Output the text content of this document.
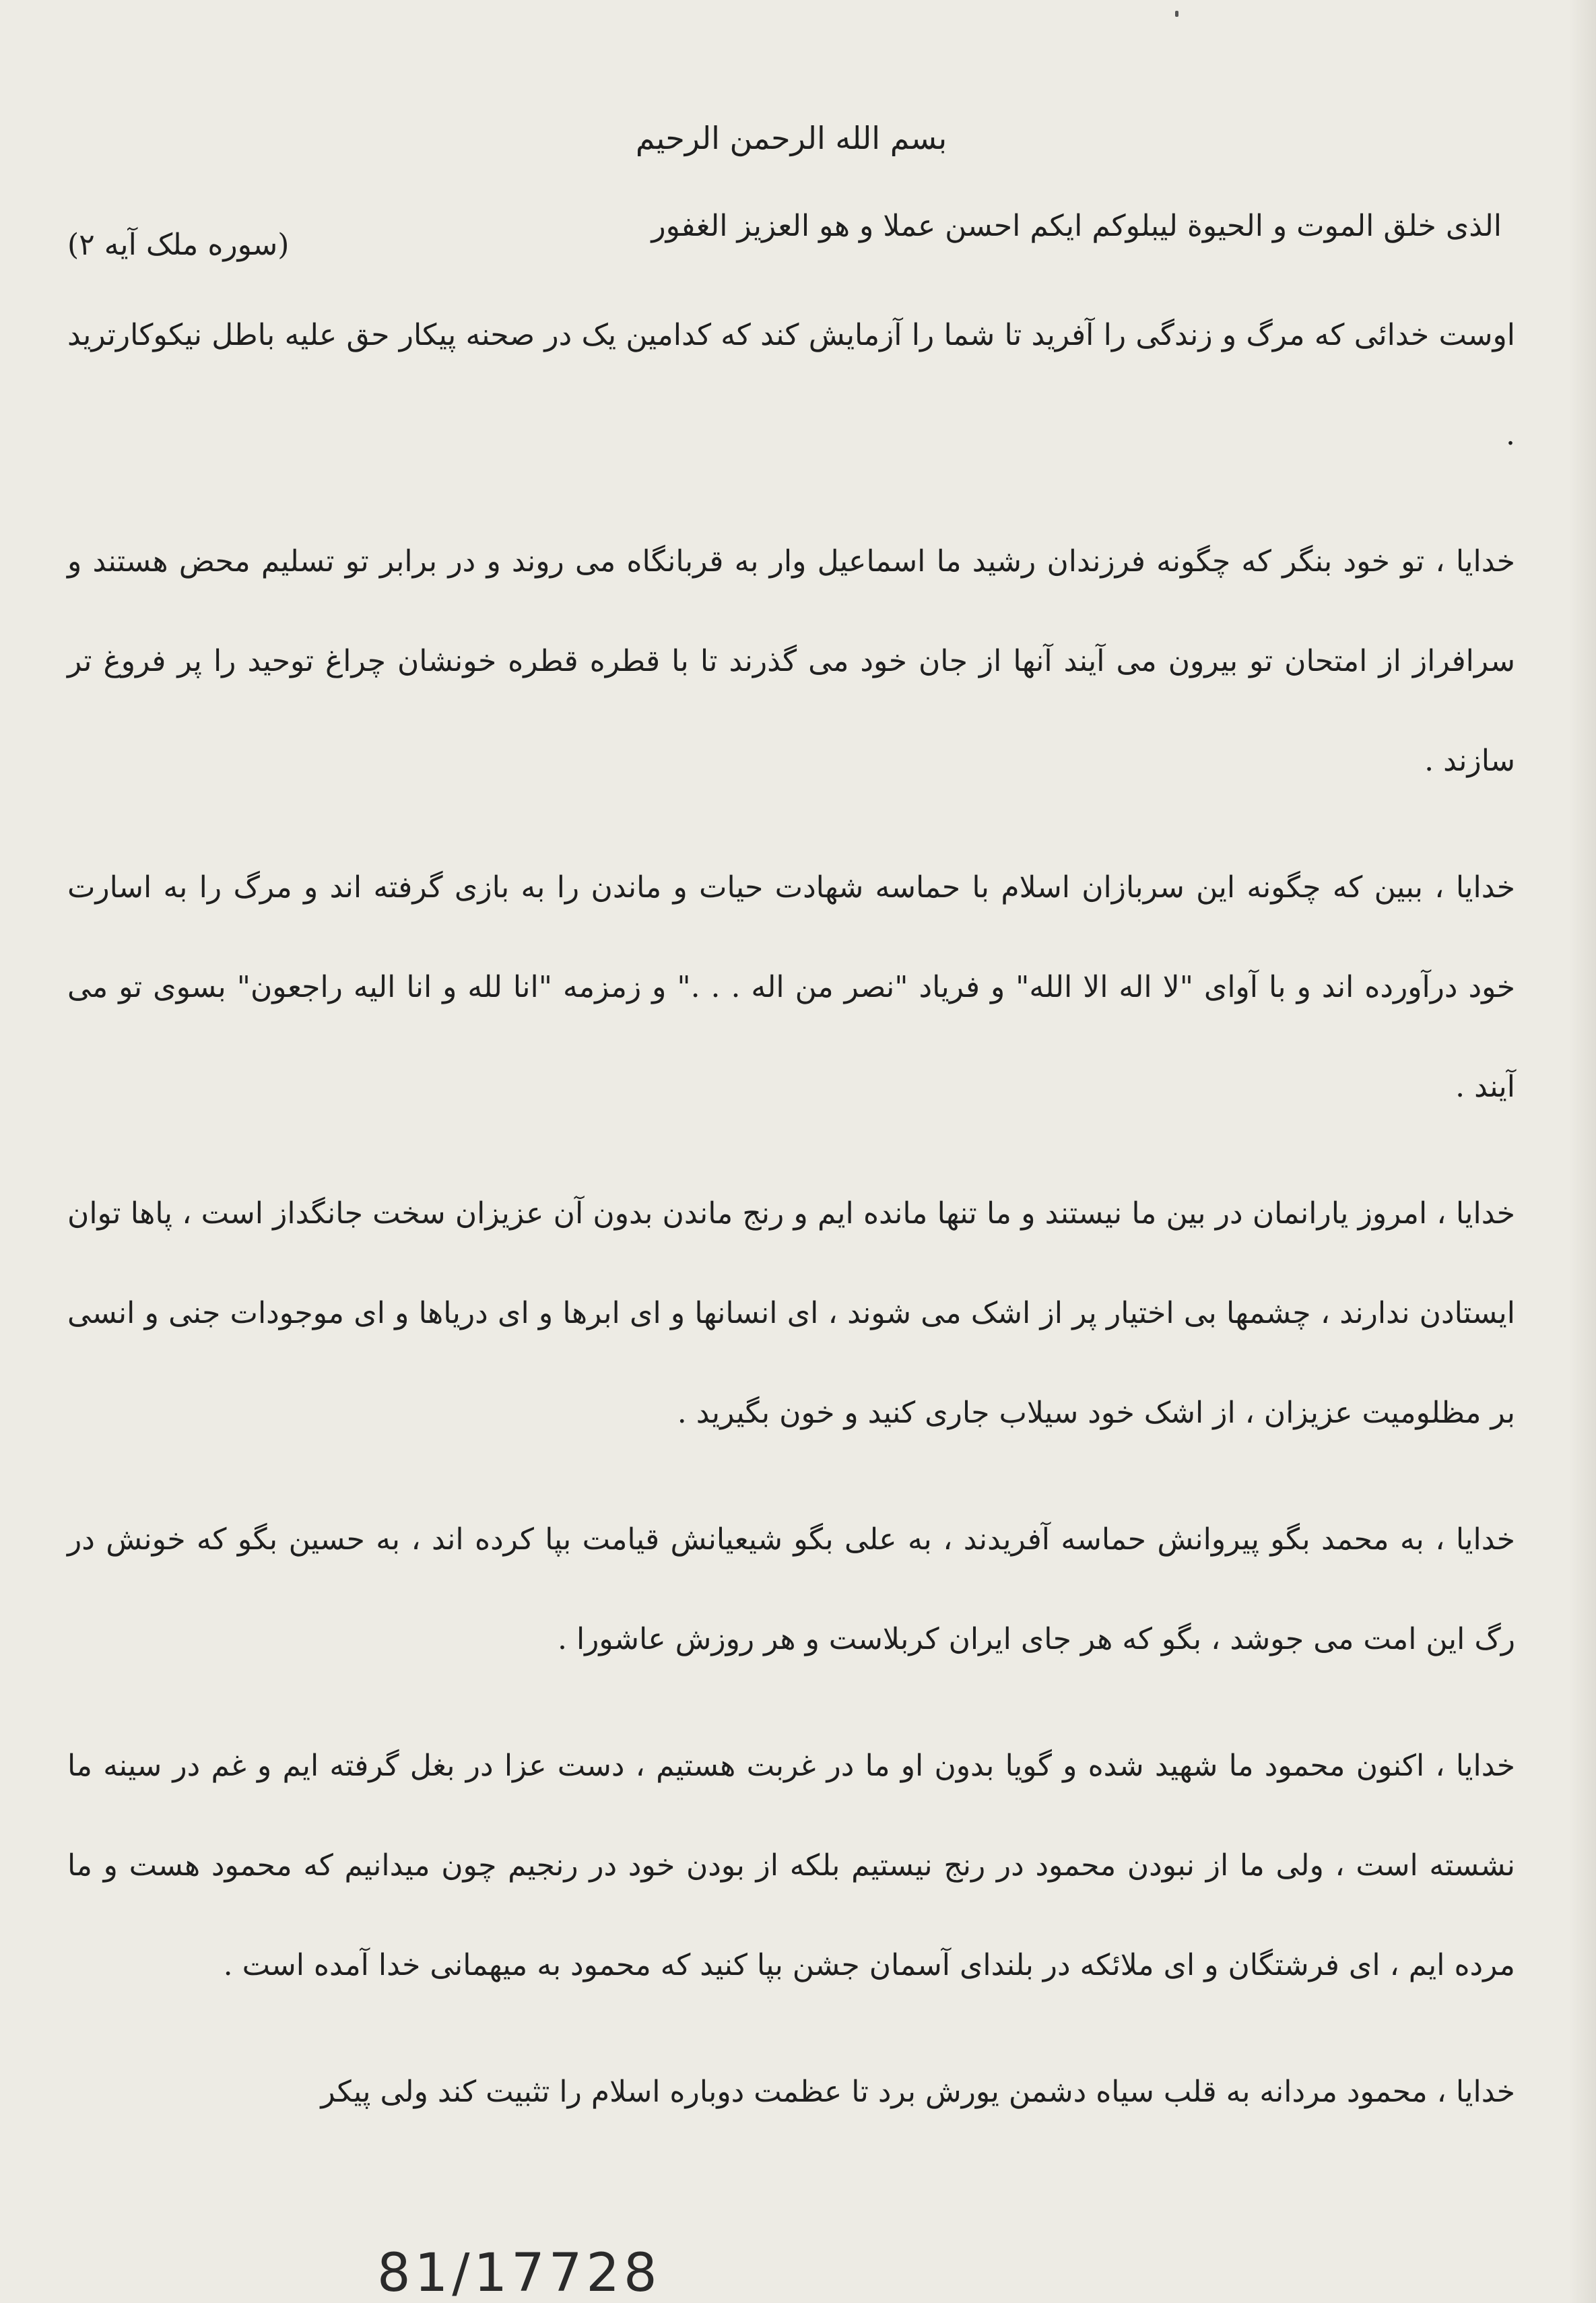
بسم الله الرحمن الرحیم
الذی خلق الموت و الحیوة لیبلوکم ایکم احسن عملا و هو العزیز الغفور
(سوره ملک آیه ۲)

اوست خدائی که مرگ و زندگی را آفرید تا شما را آزمایش کند که کدامین یک در صحنه پیکار حق علیه باطل نیکوکارترید .

خدایا ، تو خود بنگر که چگونه فرزندان رشید ما اسماعیل وار به قربانگاه می روند و در برابر تو تسلیم محض هستند و سرافراز از امتحان تو بیرون می آیند آنها از جان خود می گذرند تا با قطره قطره خونشان چراغ توحید را پر فروغ تر سازند .

خدایا ، ببین که چگونه این سربازان اسلام با حماسه شهادت حیات و ماندن را به بازی گرفته اند و مرگ را به اسارت خود درآورده اند و با آوای "لا اله الا الله" و فریاد "نصر من اله . . ." و زمزمه "انا لله و انا الیه راجعون" بسوی تو می آیند .

خدایا ، امروز یارانمان در بین ما نیستند و ما تنها مانده ایم و رنج ماندن بدون آن عزیزان سخت جانگداز است ، پاها توان ایستادن ندارند ، چشمها بی اختیار پر از اشک می شوند ، ای انسانها و ای ابرها و ای دریاها و ای موجودات جنی و انسی بر مظلومیت عزیزان ، از اشک خود سیلاب جاری کنید و خون بگیرید .

خدایا ، به محمد بگو پیروانش حماسه آفریدند ، به علی بگو شیعیانش قیامت بپا کرده اند ، به حسین بگو که خونش در رگ این امت می جوشد ، بگو که هر جای ایران کربلاست و هر روزش عاشورا .

خدایا ، اکنون محمود ما شهید شده و گویا بدون او ما در غربت هستیم ، دست عزا در بغل گرفته ایم و غم در سینه ما نشسته است ، ولی ما از نبودن محمود در رنج نیستیم بلکه از بودن خود در رنجیم چون میدانیم که محمود هست و ما مرده ایم ، ای فرشتگان و ای ملائکه در بلندای آسمان جشن بپا کنید که محمود به میهمانی خدا آمده است .

خدایا ، محمود مردانه به قلب سیاه دشمن یورش برد تا عظمت دوباره اسلام را تثبیت کند ولی پیکر

81/17728
